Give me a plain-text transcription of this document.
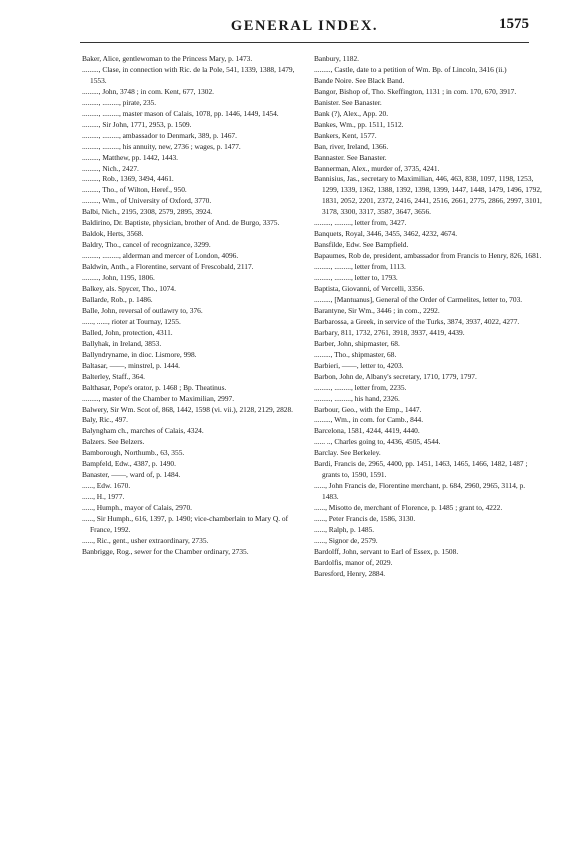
GENERAL INDEX.	1575

Baker, Alice, gentlewoman to the Princess Mary, p. 1473.

........., Clase, in connection with Ric. de la Pole, 541, 1339, 1388, 1479, 1553.

........., John, 3748 ; in com. Kent, 677, 1302.

........., ........., pirate, 235.

........., ........., master mason of Calais, 1078, pp. 1446, 1449, 1454.

........., Sir John, 1771, 2953, p. 1509.

........., ........., ambassador to Denmark, 389, p. 1467.

........., ........., his annuity, new, 2736 ; wages, p. 1477.

........., Matthew, pp. 1442, 1443.

........., Nich., 2427.

........., Rob., 1369, 3494, 4461.

........., Tho., of Wilton, Heref., 950.

........., Wm., of University of Oxford, 3770.

Balbi, Nich., 2195, 2308, 2579, 2895, 3924.

Baldirino, Dr. Baptiste, physician, brother of And. de Burgo, 3375.

Baldok, Herts, 3568.

Baldry, Tho., cancel of recognizance, 3299.

........., ........., alderman and mercer of London, 4096.

Baldwin, Anth., a Florentine, servant of Frescobald, 2117.

........., John, 1195, 1806.

Balkey, als. Spycer, Tho., 1074.

Ballarde, Rob., p. 1486.

Balle, John, reversal of outlawry to, 376.

......, ......, rioter at Tournay, 1255.

Balled, John, protection, 4311.

Ballyhak, in Ireland, 3853.

Ballyndryname, in dioc. Lismore, 998.

Baltasar, ——, minstrel, p. 1444.

Balterley, Staff., 364.

Balthasar, Pope's orator, p. 1468 ; Bp. Theatinus.

........., master of the Chamber to Maximilian, 2997.

Balwery, Sir Wm. Scot of, 868, 1442, 1598 (vi. vii.), 2128, 2129, 2828.

Baly, Ric., 497.

Balyngham ch., marches of Calais, 4324.

Balzers. See Belzers.

Bamborough, Northumb., 63, 355.

Bampfeld, Edw., 4387, p. 1490.

Banaster, ——, ward of, p. 1484.

......, Edw. 1670.

......, H., 1977.

......, Humph., mayor of Calais, 2970.

......, Sir Humph., 616, 1397, p. 1490; vice-chamberlain to Mary Q. of France, 1992.

......, Ric., gent., usher extraordinary, 2735.

Banbrigge, Rog., sewer for the Chamber ordinary, 2735.

Banbury, 1182.

........., Castle, date to a petition of Wm. Bp. of Lincoln, 3416 (ii.)

Bande Noire. See Black Band.

Bangor, Bishop of, Tho. Skeffington, 1131 ; in com. 170, 670, 3917.

Banister. See Banaster.

Bank (?), Alex., App. 20.

Bankes, Wm., pp. 1511, 1512.

Bankers, Kent, 1577.

Ban, river, Ireland, 1366.

Bannaster. See Banaster.

Bannerman, Alex., murder of, 3735, 4241.

Bannisius, Jas., secretary to Maximilian, 446, 463, 838, 1097, 1198, 1253, 1299, 1339, 1362, 1388, 1392, 1398, 1399, 1447, 1448, 1479, 1496, 1792, 1831, 2052, 2201, 2372, 2416, 2441, 2516, 2661, 2775, 2866, 2997, 3101, 3178, 3300, 3317, 3587, 3647, 3656.

........., ........., letter from, 3427.

Banquets, Royal, 3446, 3455, 3462, 4232, 4674.

Bansfilde, Edw. See Bampfield.

Bapaumes, Rob de, president, ambassador from Francis to Henry, 826, 1681.

........., ........., letter from, 1113.

........., ........., letter to, 1793.

Baptista, Giovanni, of Vercelli, 3356.

........., [Mantuanus], General of the Order of Carmelites, letter to, 703.

Barantyne, Sir Wm., 3446 ; in com., 2292.

Barbarossa, a Greek, in service of the Turks, 3874, 3937, 4022, 4277.

Barbary, 811, 1732, 2761, 3918, 3937, 4419, 4439.

Barber, John, shipmaster, 68.

........., Tho., shipmaster, 68.

Barbieri, ——, letter to, 4203.

Barbon, John de, Albany's secretary, 1710, 1779, 1797.

........., ........., letter from, 2235.

........., ........., his hand, 2326.

Barbour, Geo., with the Emp., 1447.

........., Wm., in com. for Camb., 844.

Barcelona, 1581, 4244, 4419, 4440.

...... .., Charles going to, 4436, 4505, 4544.

Barclay. See Berkeley.

Bardi, Francis de, 2965, 4400, pp. 1451, 1463, 1465, 1466, 1482, 1487 ; grants to, 1590, 1591.

......, John Francis de, Florentine merchant, p. 684, 2960, 2965, 3114, p. 1483.

......, Misotto de, merchant of Florence, p. 1485 ; grant to, 4222.

......, Peter Francis de, 1586, 3130.

......, Ralph, p. 1485.

......, Signor de, 2579.

Bardolff, John, servant to Earl of Essex, p. 1508.

Bardolfis, manor of, 2029.

Baresford, Henry, 2884.
